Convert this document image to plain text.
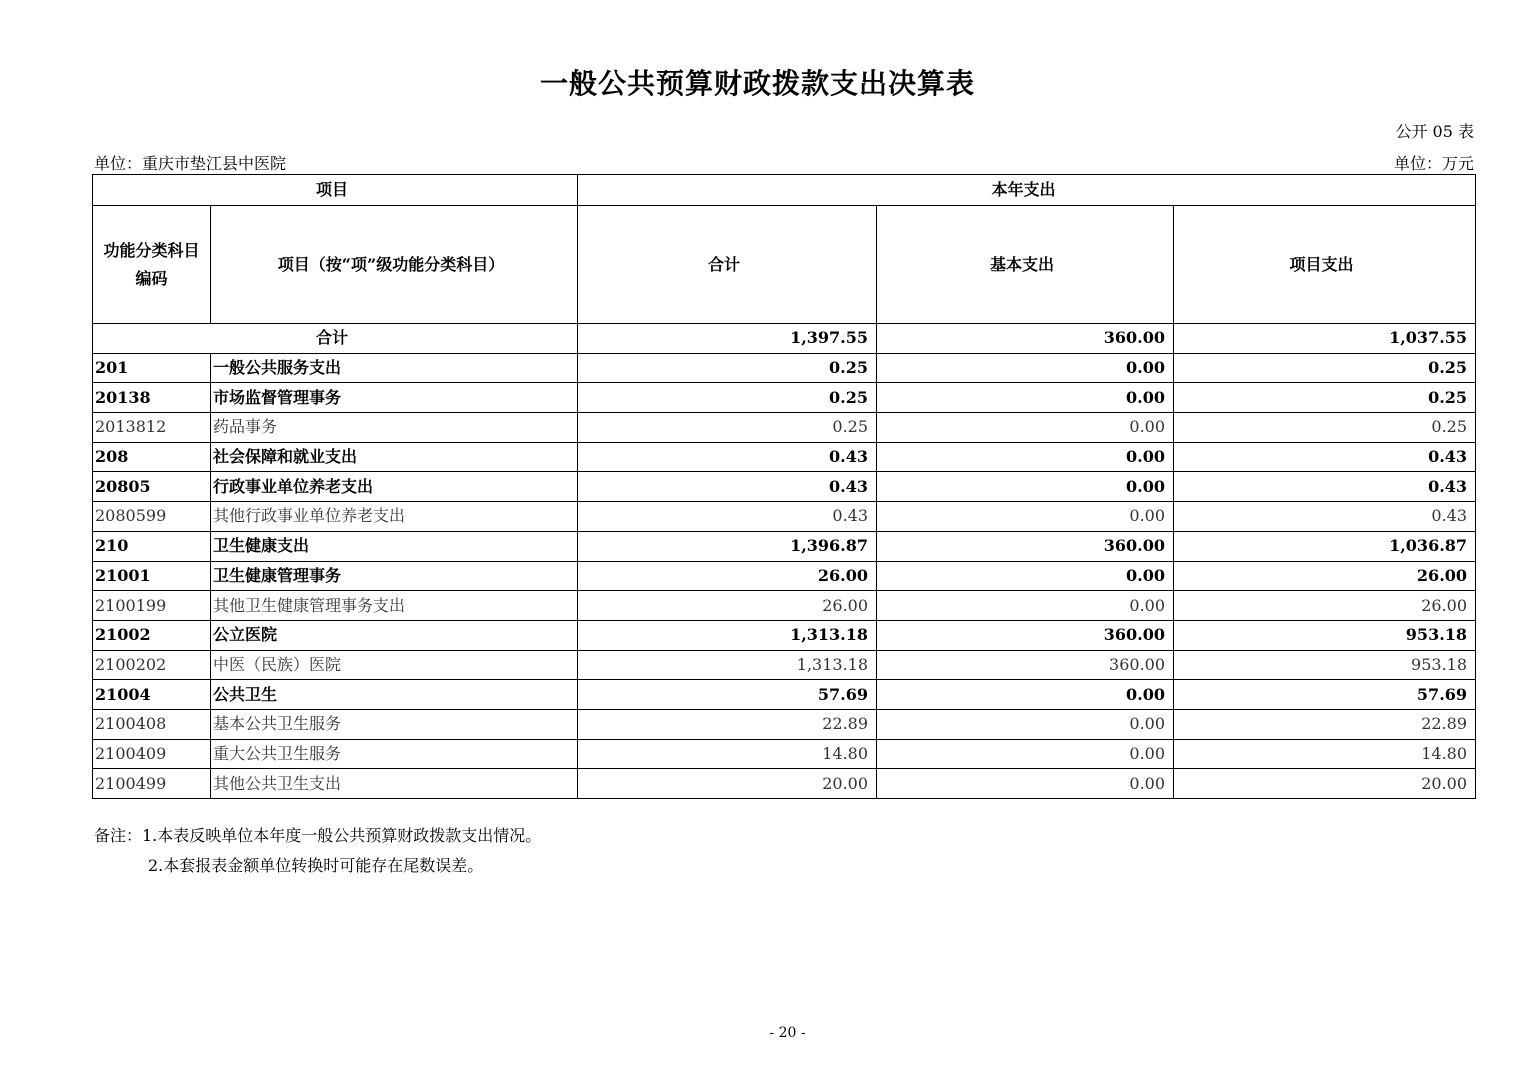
一般公共预算财政拨款支出决算表
公开 05 表
单位：重庆市垫江县中医院	单位：万元
项目		本年支出		
功能分类科目编码	项目（按“项”级功能分类科目）	合计	基本支出	项目支出
合计		1,397.55	360.00	1,037.55
201	一般公共服务支出	0.25	0.00	0.25
20138	市场监督管理事务	0.25	0.00	0.25
2013812	药品事务	0.25	0.00	0.25
208	社会保障和就业支出	0.43	0.00	0.43
20805	行政事业单位养老支出	0.43	0.00	0.43
2080599	其他行政事业单位养老支出	0.43	0.00	0.43
210	卫生健康支出	1,396.87	360.00	1,036.87
21001	卫生健康管理事务	26.00	0.00	26.00
2100199	其他卫生健康管理事务支出	26.00	0.00	26.00
21002	公立医院	1,313.18	360.00	953.18
2100202	中医（民族）医院	1,313.18	360.00	953.18
21004	公共卫生	57.69	0.00	57.69
2100408	基本公共卫生服务	22.89	0.00	22.89
2100409	重大公共卫生服务	14.80	0.00	14.80
2100499	其他公共卫生支出	20.00	0.00	20.00
备注：1.本表反映单位本年度一般公共预算财政拨款支出情况。
2.本套报表金额单位转换时可能存在尾数误差。
- 20 -
